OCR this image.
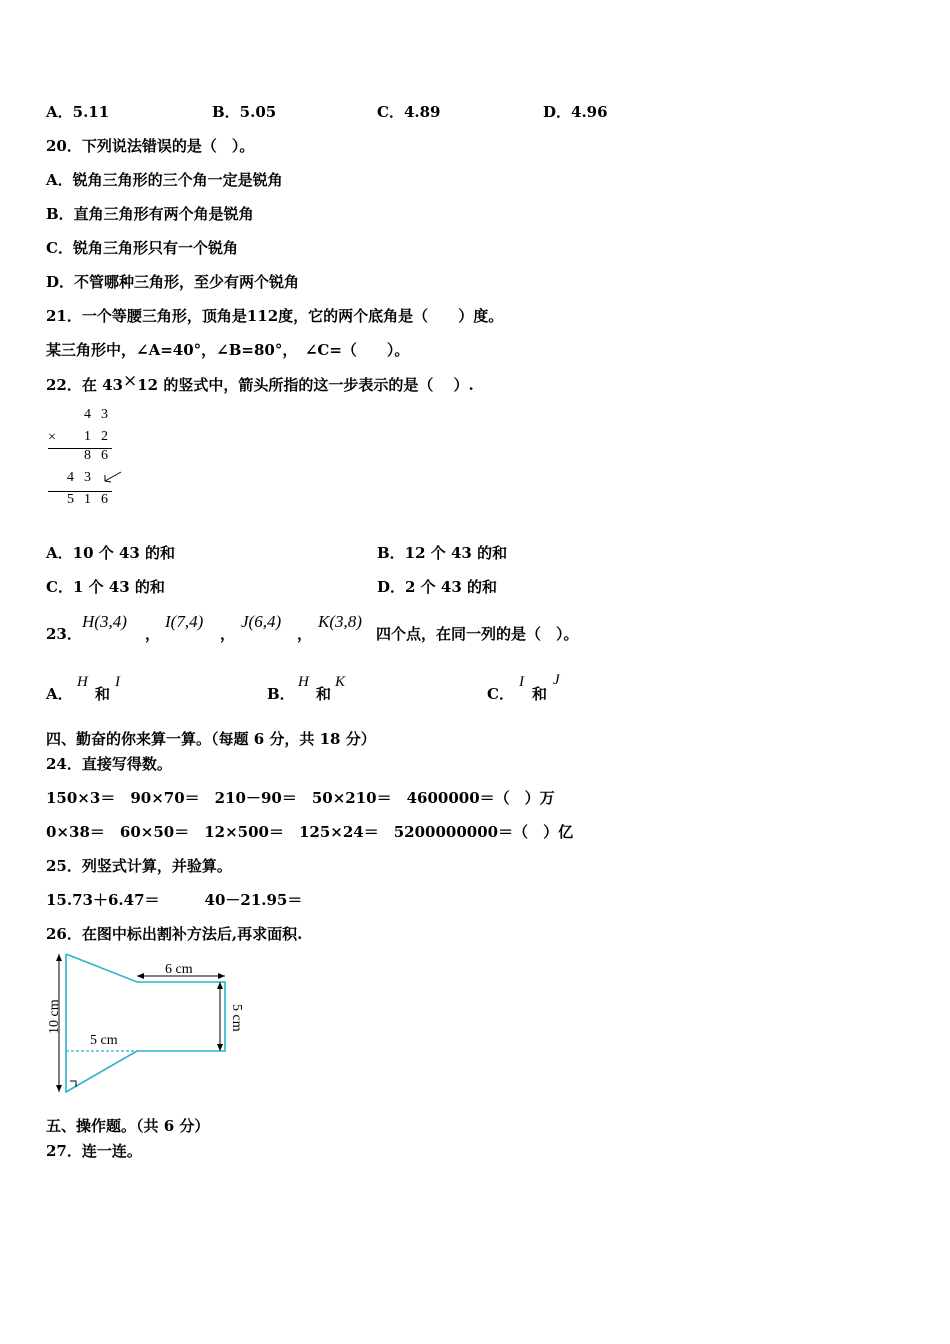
A．5.11	B．5.05	C．4.89	D．4.96
20．下列说法错误的是（　）。
A．锐角三角形的三个角一定是锐角
B．直角三角形有两个角是锐角
C．锐角三角形只有一个锐角
D．不管哪种三角形，至少有两个锐角
21．一个等腰三角形，顶角是112度，它的两个底角是（　　）度。
某三角形中，∠A=40°，∠B=80°，　∠C=（　　）。
22．在 43×12 的竖式中，箭头所指的这一步表示的是（　 ）.
4 3
× 1 2
8 6
4 3
5 1 6
A．10 个 43 的和	B．12 个 43 的和
C．1 个 43 的和	D．2 个 43 的和
23．
H(3,4)
，
I(7,4)
，
J(6,4)
，
K(3,8)
四个点，在同一列的是（　）。
A．
H
和
I
B．
H
和
K
C．
I
和
J
四、勤奋的你来算一算。（每题 6 分，共 18 分）
24．直接写得数。
150×3＝　90×70＝　210－90＝　50×210＝　4600000＝（　）万
0×38＝　60×50＝　12×500＝　125×24＝　5200000000＝（　）亿
25．列竖式计算，并验算。
15.73＋6.47＝　　　40－21.95＝
26．在图中标出割补方法后,再求面积.
10 cm
6 cm
5 cm
5 cm
五、操作题。（共 6 分）
27．连一连。
